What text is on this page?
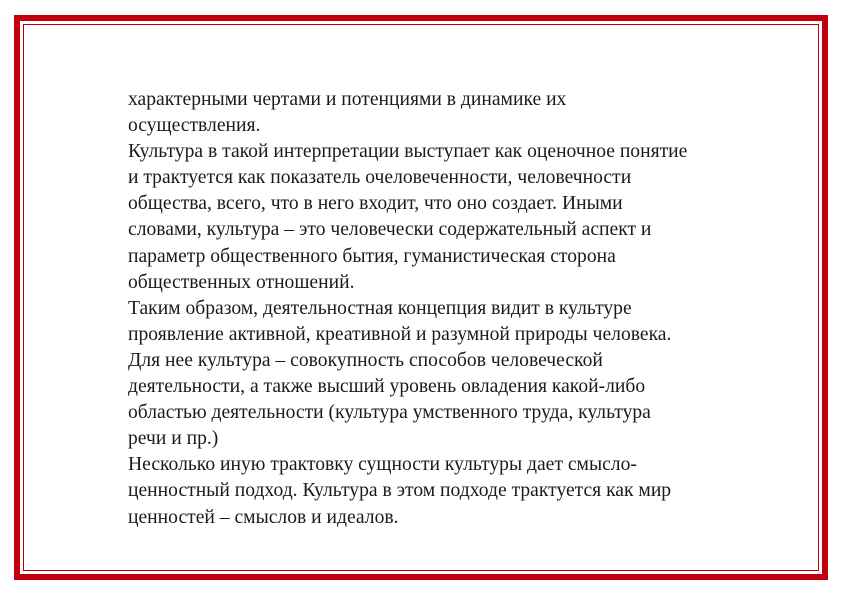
характерными чертами и потенциями в динамике их
осуществления.
Культура в такой интерпретации выступает как оценочное понятие
и трактуется как показатель очеловеченности, человечности
общества, всего, что в него входит, что оно создает. Иными
словами, культура – это человечески содержательный аспект и
параметр общественного бытия, гуманистическая сторона
общественных отношений.
Таким образом, деятельностная концепция видит в культуре
проявление активной, креативной и разумной природы человека.
Для нее культура – совокупность способов человеческой
деятельности, а также высший уровень овладения какой-либо
областью деятельности (культура умственного труда, культура
речи и пр.)
Несколько иную трактовку сущности культуры дает смысло-
ценностный подход. Культура в этом подходе трактуется как мир
ценностей – смыслов и идеалов.
